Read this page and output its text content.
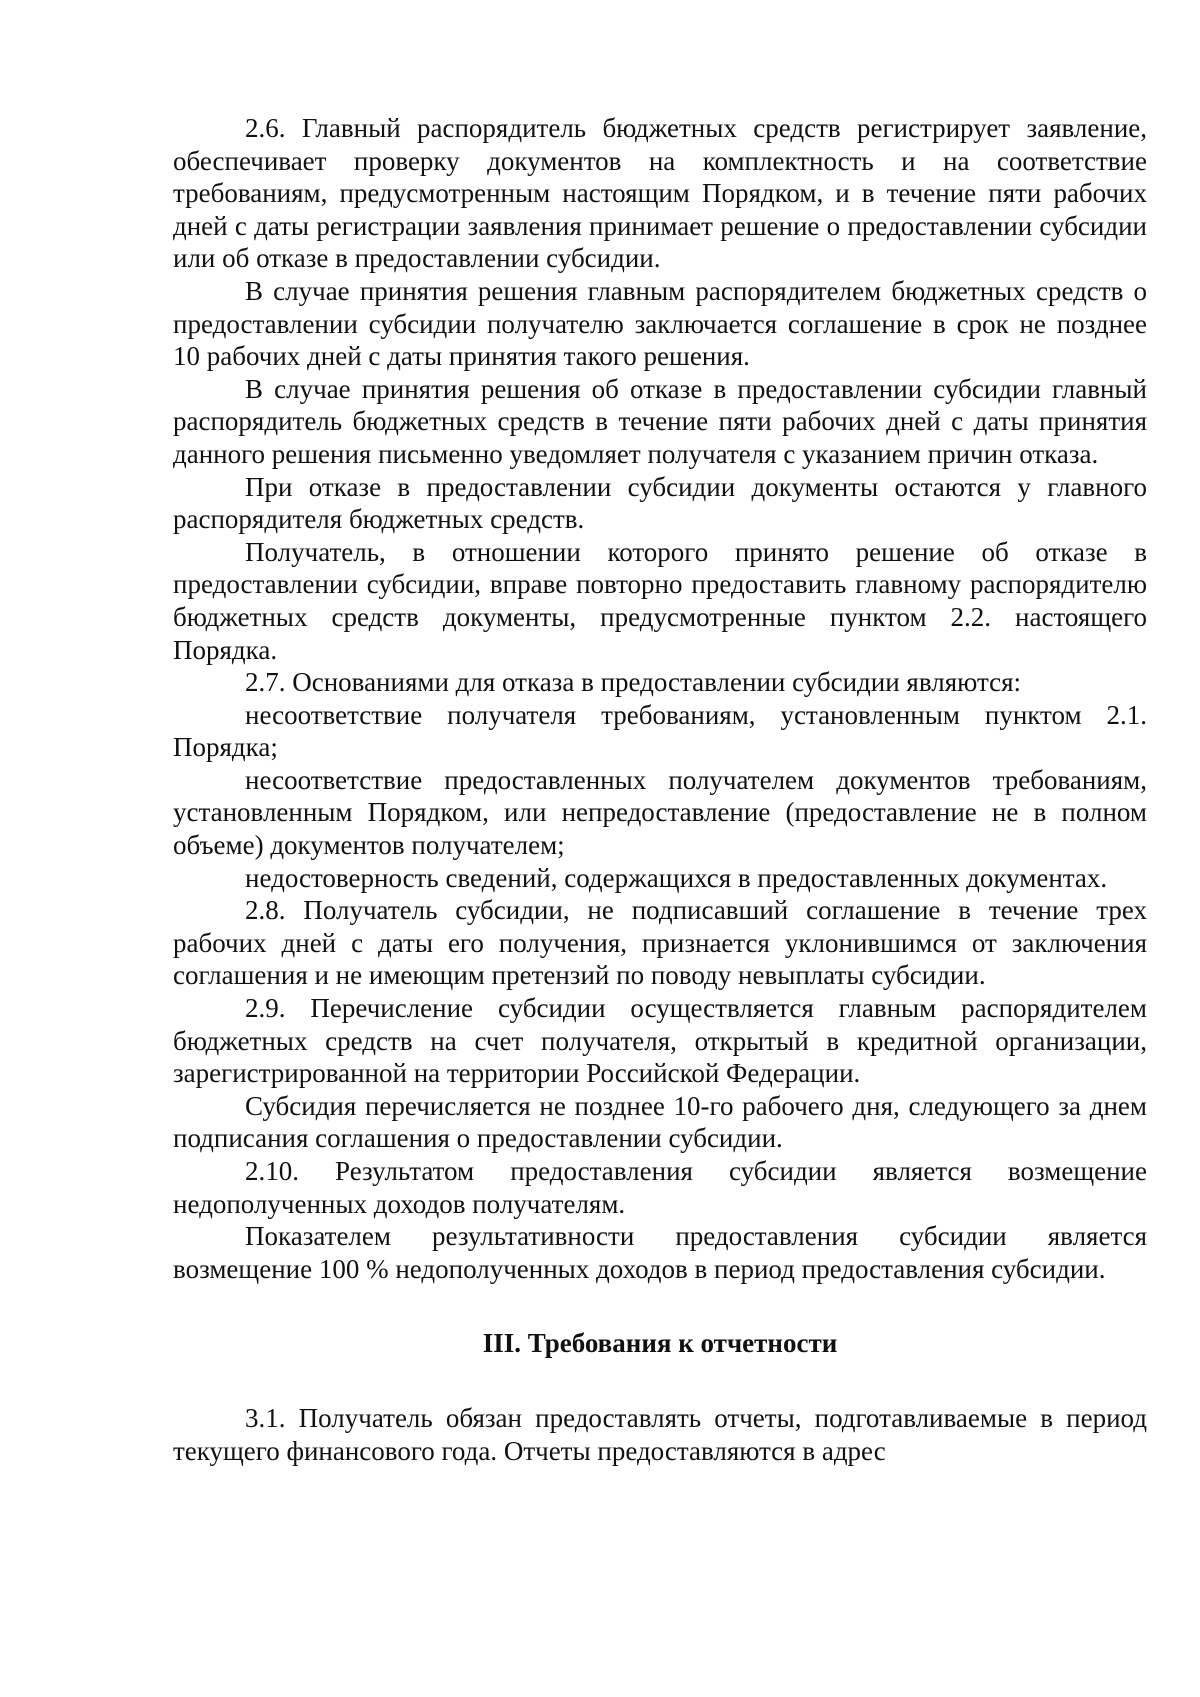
2.6. Главный распорядитель бюджетных средств регистрирует заявление, обеспечивает проверку документов на комплектность и на соответствие требованиям, предусмотренным настоящим Порядком, и в течение пяти рабочих дней с даты регистрации заявления принимает решение о предоставлении субсидии или об отказе в предоставлении субсидии.

В случае принятия решения главным распорядителем бюджетных средств о предоставлении субсидии получателю заключается соглашение в срок не позднее 10 рабочих дней с даты принятия такого решения.

В случае принятия решения об отказе в предоставлении субсидии главный распорядитель бюджетных средств в течение пяти рабочих дней с даты принятия данного решения письменно уведомляет получателя с указанием причин отказа.

При отказе в предоставлении субсидии документы остаются у главного распорядителя бюджетных средств.

Получатель, в отношении которого принято решение об отказе в предоставлении субсидии, вправе повторно предоставить главному распорядителю бюджетных средств документы, предусмотренные пунктом 2.2. настоящего Порядка.

2.7. Основаниями для отказа в предоставлении субсидии являются:

несоответствие получателя требованиям, установленным пунктом 2.1. Порядка;

несоответствие предоставленных получателем документов требованиям, установленным Порядком, или непредоставление (предоставление не в полном объеме) документов получателем;

недостоверность сведений, содержащихся в предоставленных документах.

2.8. Получатель субсидии, не подписавший соглашение в течение трех рабочих дней с даты его получения, признается уклонившимся от заключения соглашения и не имеющим претензий по поводу невыплаты субсидии.

2.9. Перечисление субсидии осуществляется главным распорядителем бюджетных средств на счет получателя, открытый в кредитной организации, зарегистрированной на территории Российской Федерации.

Субсидия перечисляется не позднее 10-го рабочего дня, следующего за днем подписания соглашения о предоставлении субсидии.

2.10. Результатом предоставления субсидии является возмещение недополученных доходов получателям.

Показателем результативности предоставления субсидии является возмещение 100 % недополученных доходов в период предоставления субсидии.

III. Требования к отчетности

3.1. Получатель обязан предоставлять отчеты, подготавливаемые в период текущего финансового года. Отчеты предоставляются в адрес
